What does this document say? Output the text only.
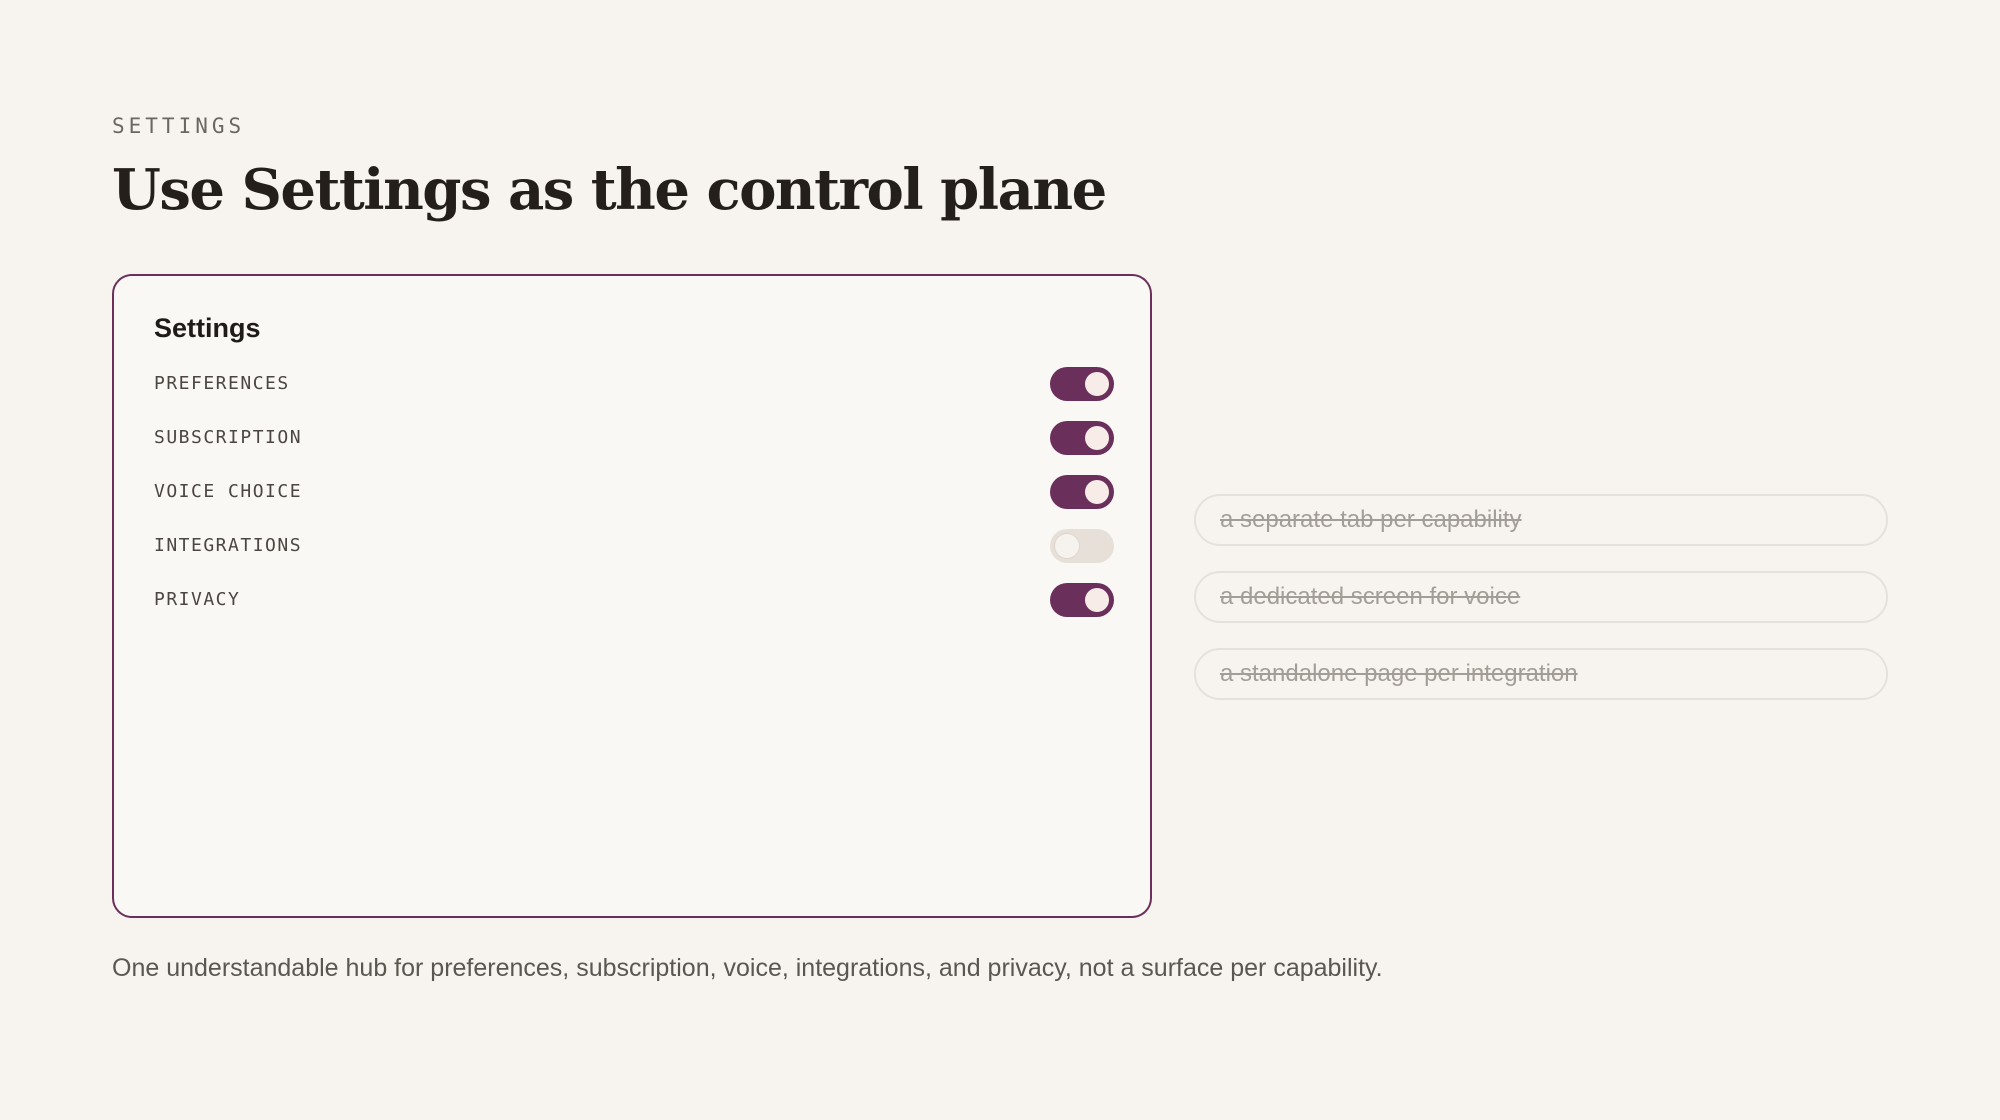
SETTINGS
Use Settings as the control plane
Settings
PREFERENCES
SUBSCRIPTION
VOICE CHOICE
INTEGRATIONS
PRIVACY
a separate tab per capability
a dedicated screen for voice
a standalone page per integration

One understandable hub for preferences, subscription, voice, integrations, and privacy, not a surface per capability.
